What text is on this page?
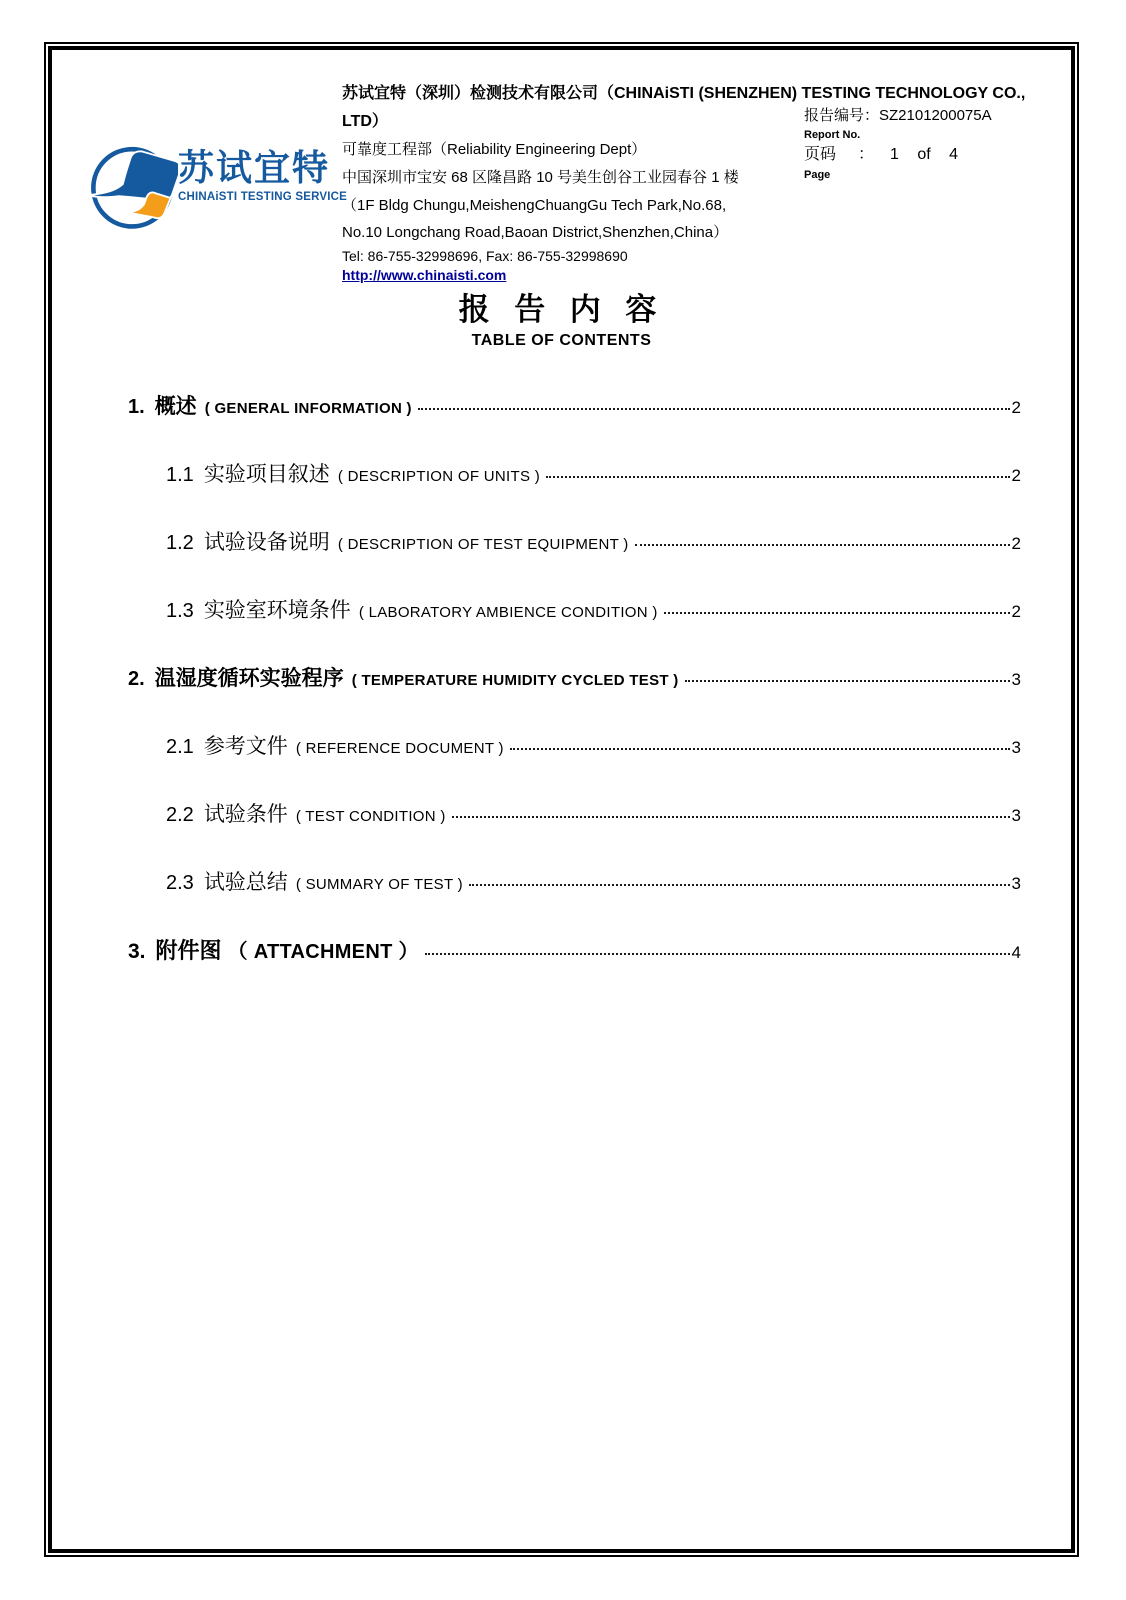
苏试宜特
CHINAiSTI TESTING SERVICE
苏试宜特（深圳）检测技术有限公司（CHINAiSTI (SHENZHEN) TESTING TECHNOLOGY CO.,
LTD）
可靠度工程部（Reliability Engineering Dept）
中国深圳市宝安 68 区隆昌路 10 号美生创谷工业园春谷 1 楼
（1F Bldg Chungu,MeishengChuangGu Tech Park,No.68,
No.10 Longchang Road,Baoan District,Shenzhen,China）
Tel: 86-755-32998696, Fax: 86-755-32998690
http://www.chinaisti.com
报告编号：SZ2101200075A
Report No.
页码 ： 1 of 4
Page
报 告 内 容
TABLE OF CONTENTS
1. 概述 ( GENERAL INFORMATION )	2
1.1 实验项目叙述 ( DESCRIPTION OF UNITS )	2
1.2 试验设备说明 ( DESCRIPTION OF TEST EQUIPMENT )	2
1.3 实验室环境条件 ( LABORATORY AMBIENCE CONDITION )	2
2. 温湿度循环实验程序 ( TEMPERATURE HUMIDITY CYCLED TEST )	3
2.1 参考文件 ( REFERENCE DOCUMENT )	3
2.2 试验条件 ( TEST CONDITION )	3
2.3 试验总结 ( SUMMARY OF TEST )	3
3. 附件图 （ ATTACHMENT ）	4
